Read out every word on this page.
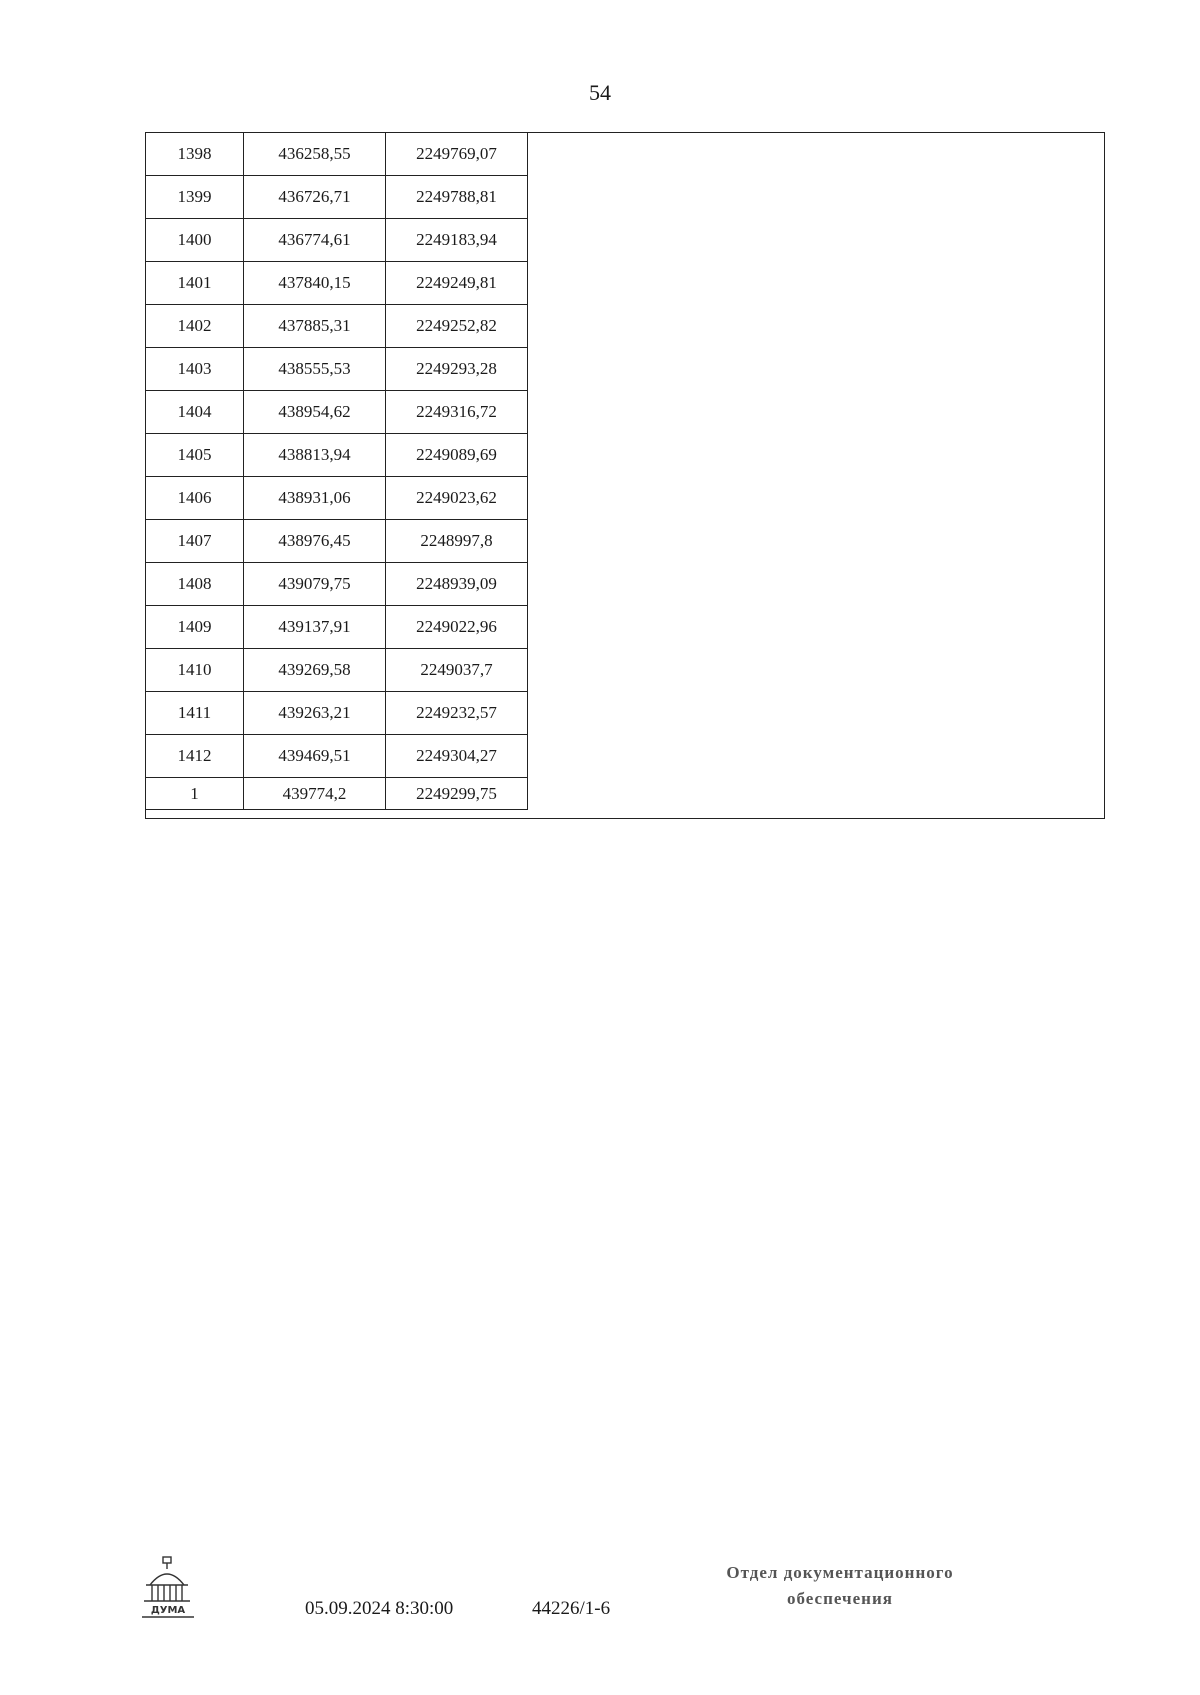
54
1398	436258,55	2249769,07
1399	436726,71	2249788,81
1400	436774,61	2249183,94
1401	437840,15	2249249,81
1402	437885,31	2249252,82
1403	438555,53	2249293,28
1404	438954,62	2249316,72
1405	438813,94	2249089,69
1406	438931,06	2249023,62
1407	438976,45	2248997,8
1408	439079,75	2248939,09
1409	439137,91	2249022,96
1410	439269,58	2249037,7
1411	439263,21	2249232,57
1412	439469,51	2249304,27
1	439774,2	2249299,75
ДУМА	05.09.2024 8:30:00	44226/1-6
Отдел документационного
обеспечения
